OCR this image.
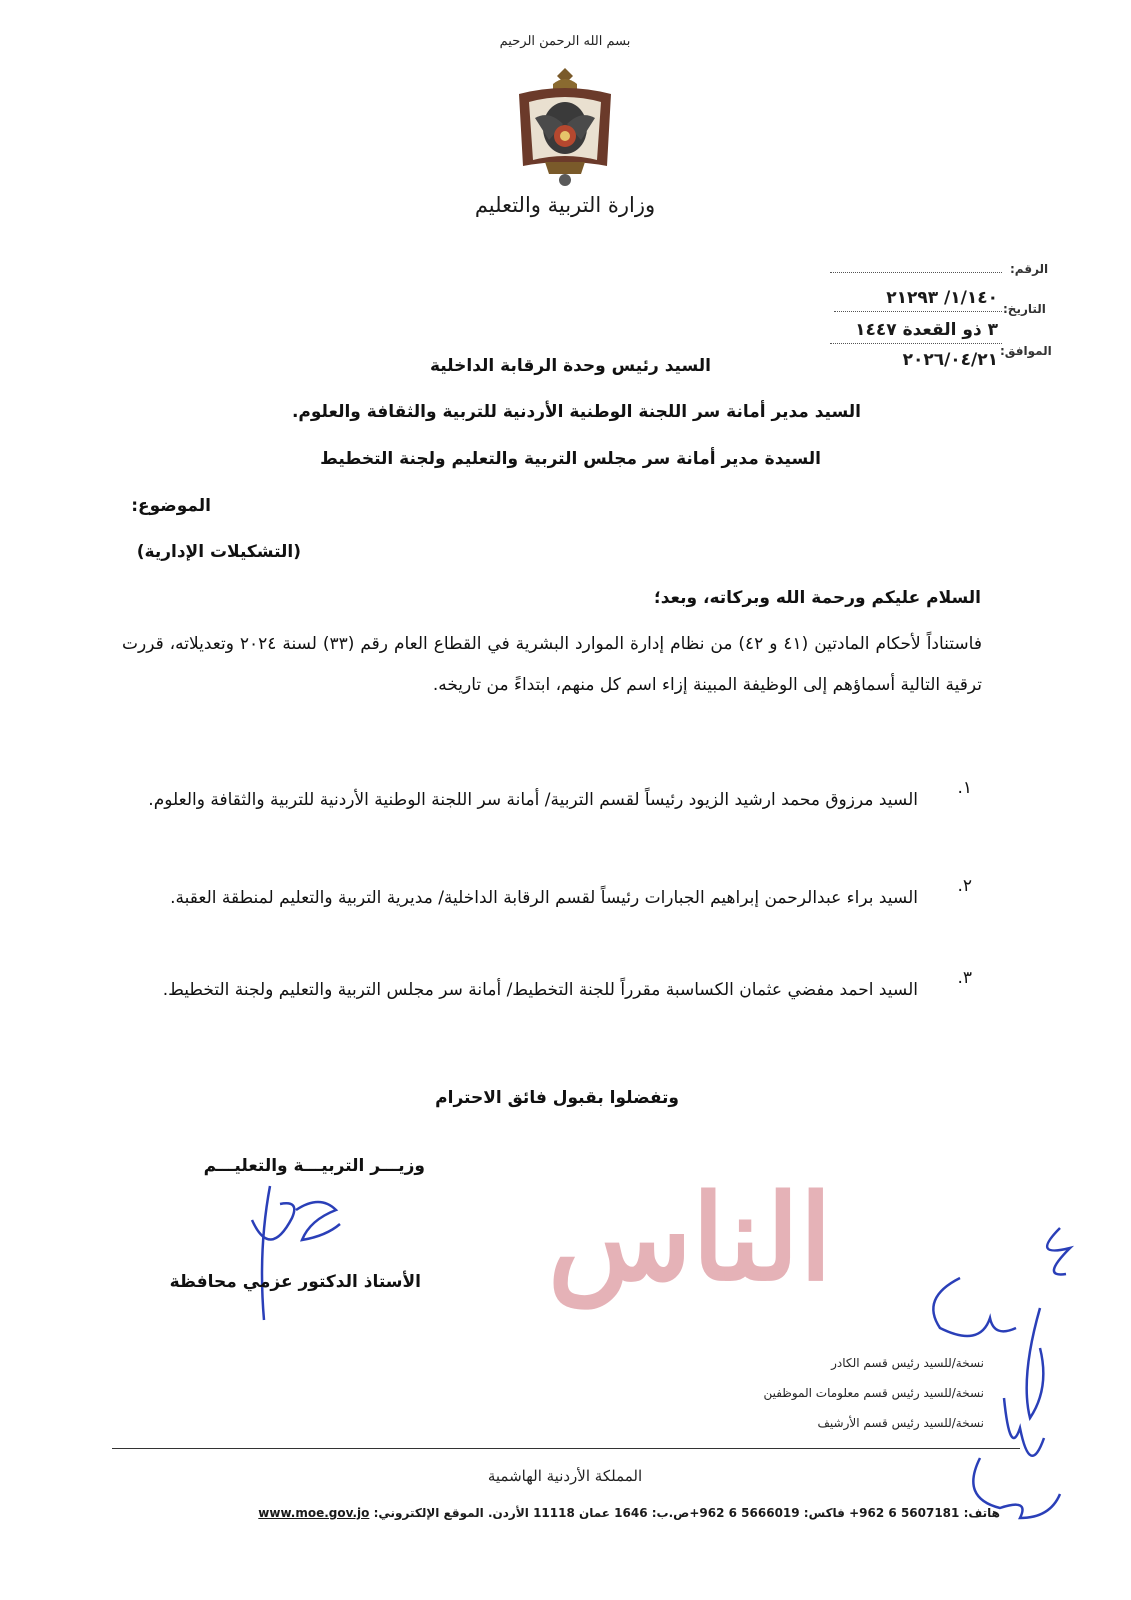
بسم الله الرحمن الرحيم
وزارة التربية والتعليم
الرقم:
التاريخ:
١/١٤٠/ ٢١٢٩٣
٣ ذو القعدة ١٤٤٧
الموافق:
٢٠٢٦/٠٤/٢١
السيد رئيس وحدة الرقابة الداخلية
السيد مدير أمانة سر اللجنة الوطنية الأردنية للتربية والثقافة والعلوم.
السيدة مدير أمانة سر مجلس التربية والتعليم ولجنة التخطيط
الموضوع:
(التشكيلات الإدارية)
السلام عليكم ورحمة الله وبركاته، وبعد؛
فاستناداً لأحكام المادتين (٤١ و ٤٢) من نظام إدارة الموارد البشرية في القطاع العام رقم (٣٣) لسنة ٢٠٢٤ وتعديلاته، قررت ترقية التالية أسماؤهم إلى الوظيفة المبينة إزاء اسم كل منهم، ابتداءً من تاريخه.
١.
السيد مرزوق محمد ارشيد الزيود رئيساً لقسم التربية/ أمانة سر اللجنة الوطنية الأردنية للتربية والثقافة والعلوم.
٢.
السيد براء عبدالرحمن إبراهيم الجبارات رئيساً لقسم الرقابة الداخلية/ مديرية التربية والتعليم لمنطقة العقبة.
٣.
السيد احمد مفضي عثمان الكساسبة مقرراً للجنة التخطيط/ أمانة سر مجلس التربية والتعليم ولجنة التخطيط.
وتفضلوا بقبول فائق الاحترام
الناس
وزيـــر التربيـــة والتعليـــم
الأستاذ الدكتور عزمي محافظة
نسخة/للسيد رئيس قسم الكادر
نسخة/للسيد رئيس قسم معلومات الموظفين
نسخة/للسيد رئيس قسم الأرشيف
المملكة الأردنية الهاشمية
هاتف: 5607181 6 962+ فاكس: 5666019 6 962+ص.ب: 1646 عمان 11118 الأردن. الموقع الإلكتروني: www.moe.gov.jo
